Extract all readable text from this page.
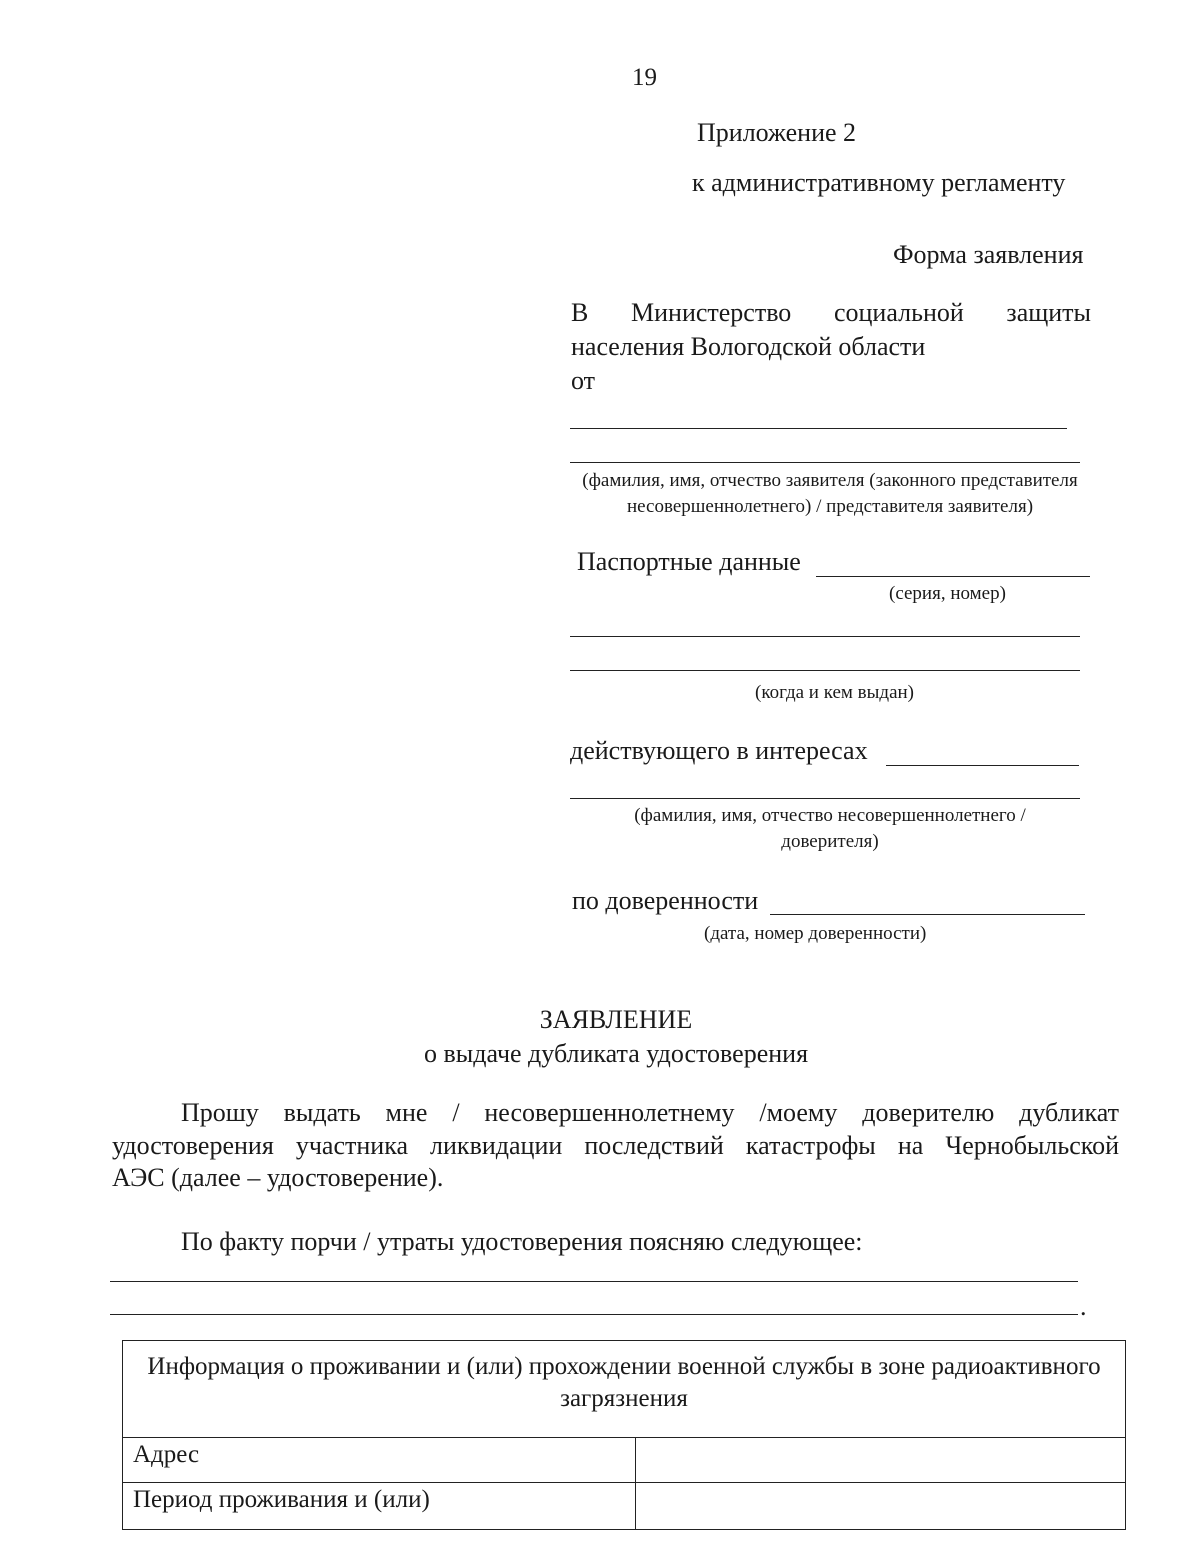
19
Приложение 2
к административному регламенту
Форма заявления
В Министерство социальной защиты
населения Вологодской области
от
(фамилия, имя, отчество заявителя (законного представителя несовершеннолетнего) / представителя заявителя)
Паспортные данные
(серия, номер)
(когда и кем выдан)
действующего в интересах
(фамилия, имя, отчество несовершеннолетнего / доверителя)
по доверенности
(дата, номер доверенности)
ЗАЯВЛЕНИЕ
о выдаче дубликата удостоверения
Прошу выдать мне / несовершеннолетнему /моему доверителю дубликат
удостоверения участника ликвидации последствий катастрофы на Чернобыльской
АЭС (далее – удостоверение).
По факту порчи / утраты удостоверения поясняю следующее:
.
Информация о проживании и (или) прохождении военной службы в зоне радиоактивного загрязнения	
Адрес	
Период проживания и (или)	
